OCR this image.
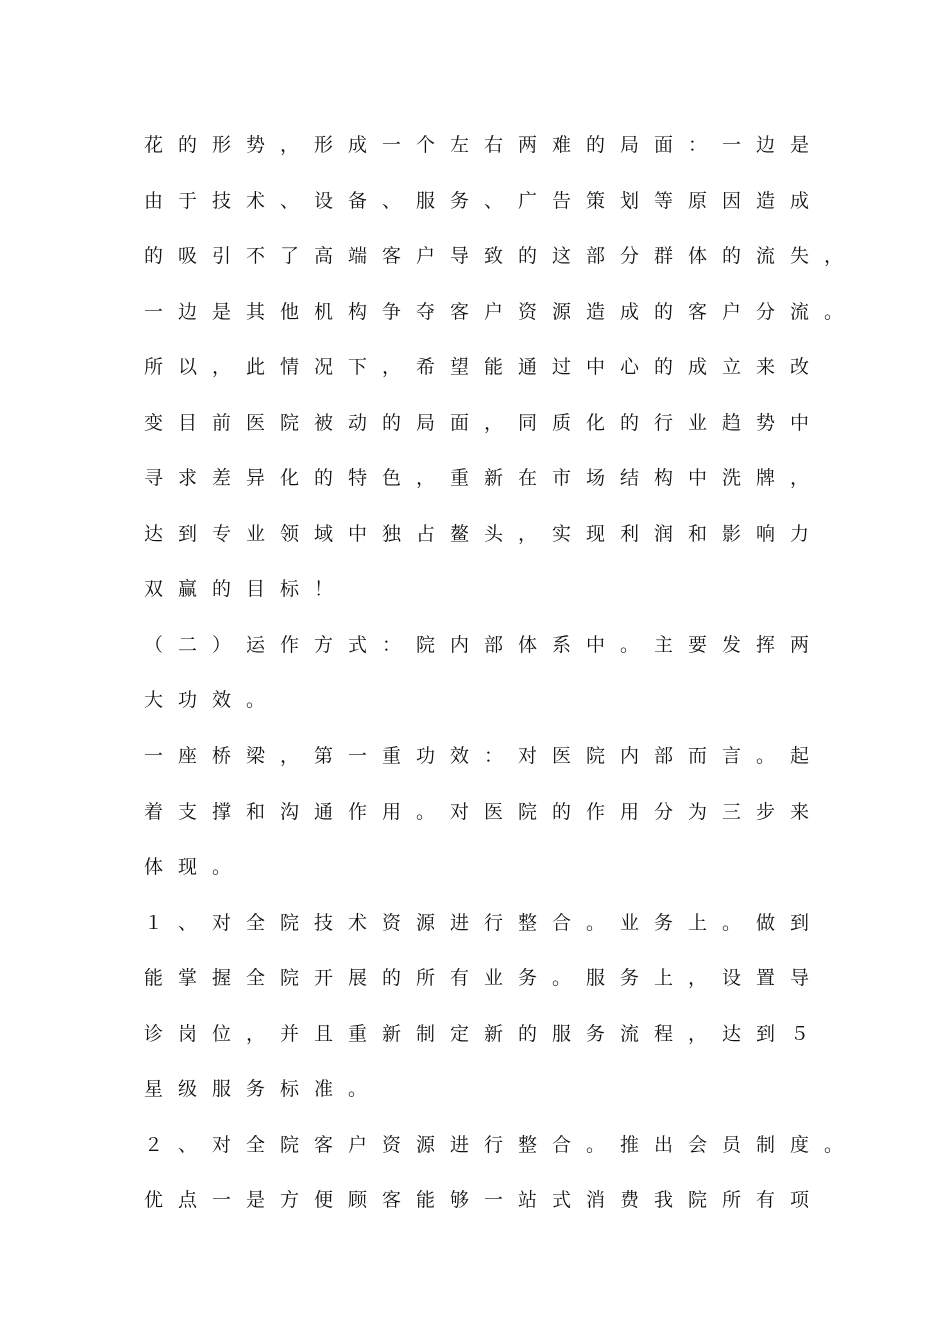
花的形势，形成一个左右两难的局面：一边是
由于技术、设备、服务、广告策划等原因造成
的吸引不了高端客户导致的这部分群体的流失，
一边是其他机构争夺客户资源造成的客户分流。
所以，此情况下，希望能通过中心的成立来改
变目前医院被动的局面，同质化的行业趋势中
寻求差异化的特色，重新在市场结构中洗牌，
达到专业领域中独占鳌头，实现利润和影响力
双赢的目标！
（二）运作方式：院内部体系中。主要发挥两
大功效。
一座桥梁，第一重功效：对医院内部而言。起
着支撑和沟通作用。对医院的作用分为三步来
体现。
１、对全院技术资源进行整合。业务上。做到
能掌握全院开展的所有业务。服务上，设置导
诊岗位，并且重新制定新的服务流程，达到５
星级服务标准。
２、对全院客户资源进行整合。推出会员制度。
优点一是方便顾客能够一站式消费我院所有项
